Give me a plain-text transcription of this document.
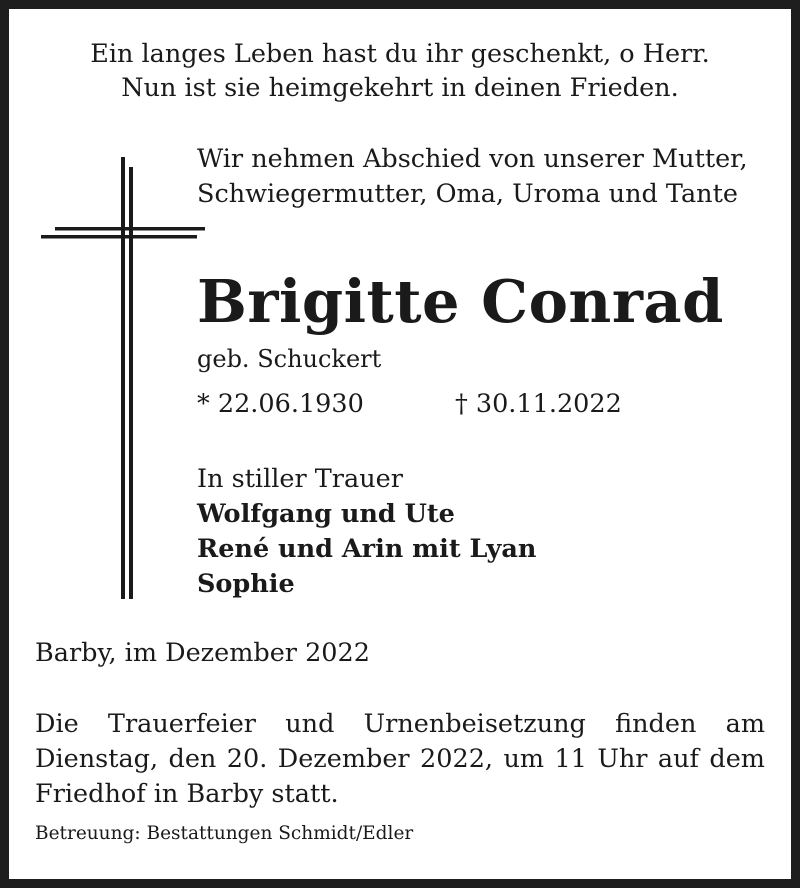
Ein langes Leben hast du ihr geschenkt, o Herr.
Nun ist sie heimgekehrt in deinen Frieden.
Wir nehmen Abschied von unserer Mutter,
Schwiegermutter, Oma, Uroma und Tante
Brigitte Conrad
geb. Schuckert
* 22.06.1930	† 30.11.2022
In stiller Trauer
Wolfgang und Ute
René und Arin mit Lyan
Sophie
Barby, im Dezember 2022
Die Trauerfeier und Urnenbeisetzung finden am Dienstag, den 20. Dezember 2022, um 11 Uhr auf dem Friedhof in Barby statt.
Betreuung: Bestattungen Schmidt/Edler
